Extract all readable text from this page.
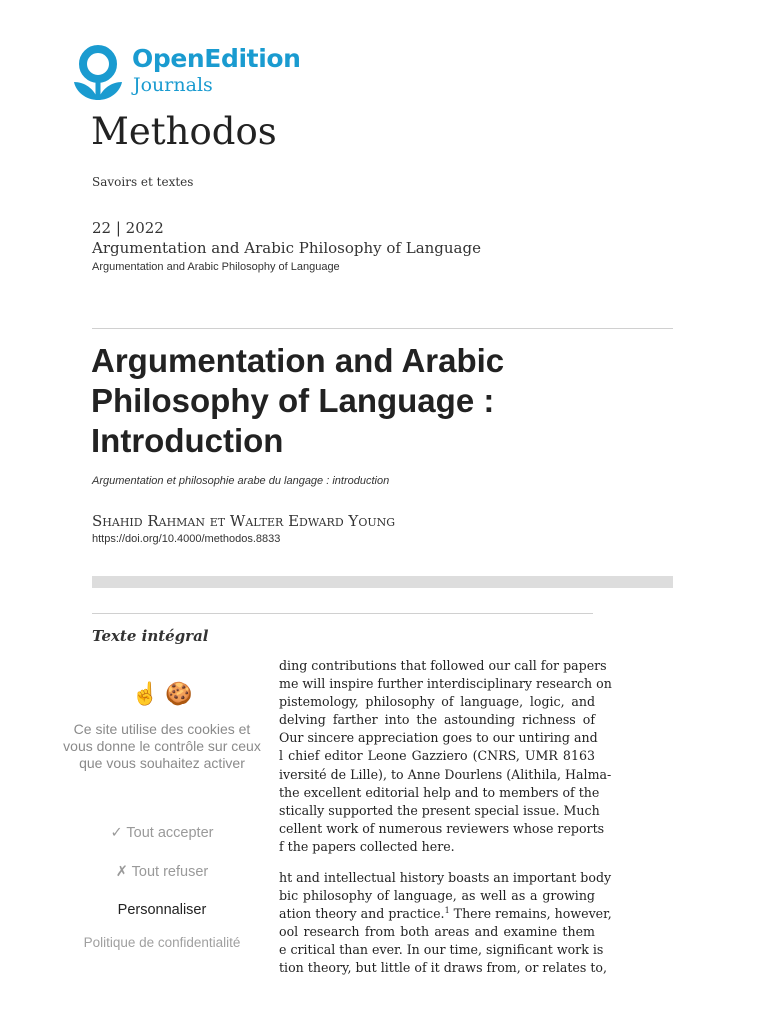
OpenEdition
Journals
Methodos
Savoirs et textes
22 | 2022
Argumentation and Arabic Philosophy of Language
Argumentation and Arabic Philosophy of Language
Argumentation and Arabic Philosophy of Language : Introduction
Argumentation et philosophie arabe du langage : introduction
Shahid Rahman et Walter Edward Young
https://doi.org/10.4000/methodos.8833
Texte intégral
ding contributions that followed our call for papers
me will inspire further interdisciplinary research on
pistemology, philosophy of language, logic, and
delving farther into the astounding richness of
Our sincere appreciation goes to our untiring and
l chief editor Leone Gazziero (CNRS, UMR 8163
iversité de Lille), to Anne Dourlens (Alithila, Halma-
the excellent editorial help and to members of the
stically supported the present special issue. Much
cellent work of numerous reviewers whose reports
f the papers collected here.
ht and intellectual history boasts an important body
bic philosophy of language, as well as a growing
ation theory and practice.$^1$ There remains, however,
ool research from both areas and examine them
e critical than ever. In our time, significant work is
tion theory, but little of it draws from, or relates to,
☝ 🍪
Ce site utilise des cookies et vous donne le contrôle sur ceux que vous souhaitez activer
✓ Tout accepter
✗ Tout refuser
Personnaliser
Politique de confidentialité
